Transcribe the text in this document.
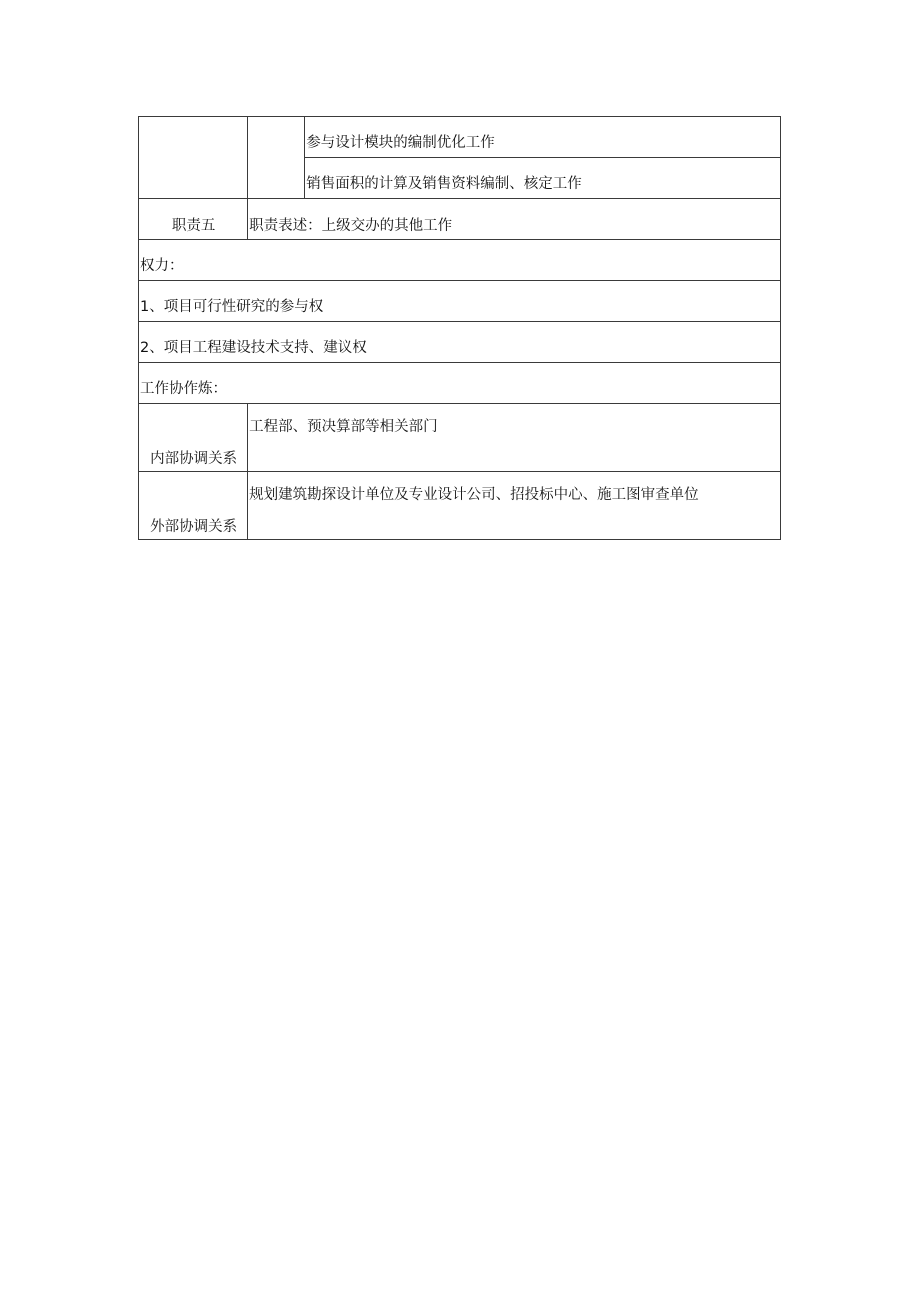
		参与设计模块的编制优化工作
		销售面积的计算及销售资料编制、核定工作
职责五	职责表述：上级交办的其他工作	
权力：		
1、项目可行性研究的参与权		
2、项目工程建设技术支持、建议权		
工作协作炼：		
内部协调关系	工程部、预决算部等相关部门	
外部协调关系	规划建筑勘探设计单位及专业设计公司、招投标中心、施工图审查单位	
